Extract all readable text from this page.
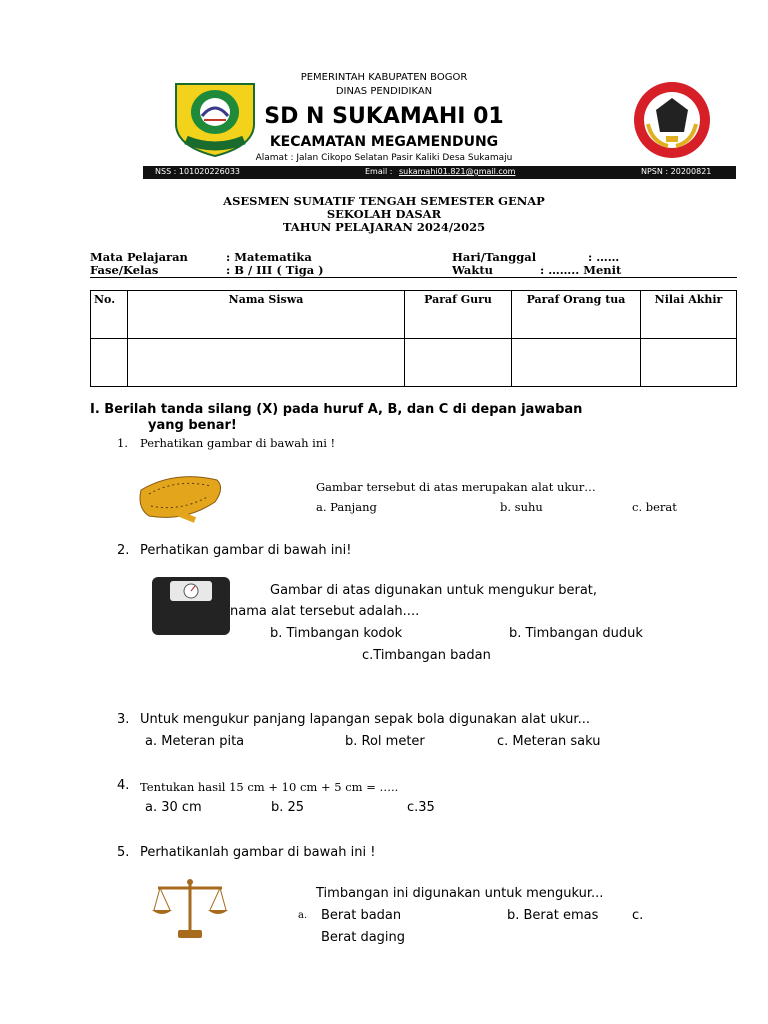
PEMERINTAH KABUPATEN BOGOR
DINAS PENDIDIKAN
SD N SUKAMAHI 01
KECAMATAN MEGAMENDUNG
Alamat : Jalan Cikopo Selatan Pasir Kaliki Desa Sukamaju
NSS : 101020226033	Email : sukamahi01.821@gmail.com	NPSN : 20200821
ASESMEN SUMATIF TENGAH SEMESTER GENAP
SEKOLAH DASAR
TAHUN PELAJARAN 2024/2025
Mata Pelajaran	: Matematika
Fase/Kelas	: B / III ( Tiga )
Hari/Tanggal	: ……
Waktu	: …….. Menit
No.	Nama Siswa	Paraf Guru	Paraf Orang tua	Nilai Akhir

I. Berilah tanda silang (X) pada huruf A, B, dan C di depan jawaban
yang benar!
1. Perhatikan gambar di bawah ini !
Gambar tersebut di atas merupakan alat ukur…
a. Panjang	b. suhu	c. berat
2. Perhatikan gambar di bawah ini!
Gambar di atas digunakan untuk mengukur berat,
nama alat tersebut adalah....
b. Timbangan kodok	b. Timbangan duduk
c.Timbangan badan
3. Untuk mengukur panjang lapangan sepak bola digunakan alat ukur...
a. Meteran pita	b. Rol meter	c. Meteran saku
4. Tentukan hasil 15 cm + 10 cm + 5 cm = …..
a. 30 cm	b. 25	c.35
5. Perhatikanlah gambar di bawah ini !
Timbangan ini digunakan untuk mengukur...
a. Berat badan	b. Berat emas	c.
Berat daging
